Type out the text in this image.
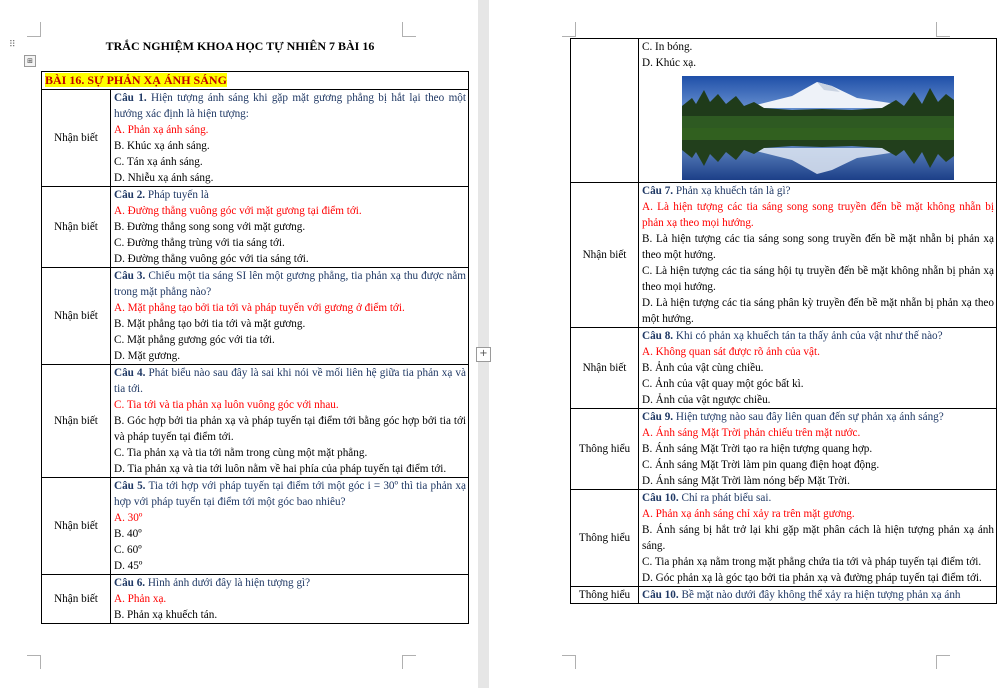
+
⠿
⊞
TRẮC NGHIỆM KHOA HỌC TỰ NHIÊN 7 BÀI 16
BÀI 16. SỰ PHẢN XẠ ÁNH SÁNG	
Nhận biết	Câu 1. Hiện tượng ánh sáng khi gặp mặt gương phẳng bị hắt lại theo một hướng xác định là hiện tượng:
A. Phản xạ ánh sáng.
B. Khúc xạ ánh sáng.
C. Tán xạ ánh sáng.
D. Nhiễu xạ ánh sáng.

Nhận biết	Câu 2. Pháp tuyến là
A. Đường thẳng vuông góc với mặt gương tại điểm tới.
B. Đường thẳng song song với mặt gương.
C. Đường thẳng trùng với tia sáng tới.
D. Đường thẳng vuông góc với tia sáng tới.

Nhận biết	Câu 3. Chiếu một tia sáng SI lên một gương phẳng, tia phản xạ thu được nằm trong mặt phẳng nào?
A. Mặt phẳng tạo bởi tia tới và pháp tuyến với gương ở điểm tới.
B. Mặt phẳng tạo bởi tia tới và mặt gương.
C. Mặt phẳng gương góc với tia tới.
D. Mặt gương.

Nhận biết	Câu 4. Phát biểu nào sau đây là sai khi nói về mối liên hệ giữa tia phản xạ và tia tới.
C. Tia tới và tia phản xạ luôn vuông góc với nhau.
B. Góc hợp bởi tia phản xạ và pháp tuyến tại điểm tới bằng góc hợp bởi tia tới và pháp tuyến tại điểm tới.
C. Tia phản xạ và tia tới nằm trong cùng một mặt phẳng.
D. Tia phản xạ và tia tới luôn nằm về hai phía của pháp tuyến tại điểm tới.

Nhận biết	Câu 5. Tia tới hợp với pháp tuyến tại điểm tới một góc i = 30º thì tia phản xạ hợp với pháp tuyến tại điểm tới một góc bao nhiêu?
A. 30º
B. 40º
C. 60º
D. 45º

Nhận biết	Câu 6. Hình ảnh dưới đây là hiện tượng gì?
A. Phản xạ.
B. Phản xạ khuếch tán.

	C. In bóng.
D. Khúc xạ.

Nhận biết	Câu 7. Phản xạ khuếch tán là gì?
A. Là hiện tượng các tia sáng song song truyền đến bề mặt không nhẵn bị phản xạ theo mọi hướng.
B. Là hiện tượng các tia sáng song song truyền đến bề mặt nhẵn bị phản xạ theo một hướng.
C. Là hiện tượng các tia sáng hội tụ truyền đến bề mặt không nhẵn bị phản xạ theo mọi hướng.
D. Là hiện tượng các tia sáng phân kỳ truyền đến bề mặt nhẵn bị phản xạ theo một hướng.

Nhận biết	Câu 8. Khi có phản xạ khuếch tán ta thấy ảnh của vật như thế nào?
A. Không quan sát được rõ ảnh của vật.
B. Ảnh của vật cùng chiều.
C. Ảnh của vật quay một góc bất kì.
D. Ảnh của vật ngược chiều.

Thông hiểu	Câu 9. Hiện tượng nào sau đây liên quan đến sự phản xạ ánh sáng?
A. Ánh sáng Mặt Trời phản chiếu trên mặt nước.
B. Ánh sáng Mặt Trời tạo ra hiện tượng quang hợp.
C. Ánh sáng Mặt Trời làm pin quang điện hoạt động.
D. Ánh sáng Mặt Trời làm nóng bếp Mặt Trời.

Thông hiểu	Câu 10. Chỉ ra phát biểu sai.
A. Phản xạ ánh sáng chỉ xảy ra trên mặt gương.
B. Ánh sáng bị hắt trở lại khi gặp mặt phân cách là hiện tượng phản xạ ánh sáng.
C. Tia phản xạ nằm trong mặt phẳng chứa tia tới và pháp tuyến tại điểm tới.
D. Góc phản xạ là góc tạo bởi tia phản xạ và đường pháp tuyến tại điểm tới.

Thông hiểu	Câu 10. Bề mặt nào dưới đây không thể xảy ra hiện tượng phản xạ ánh
